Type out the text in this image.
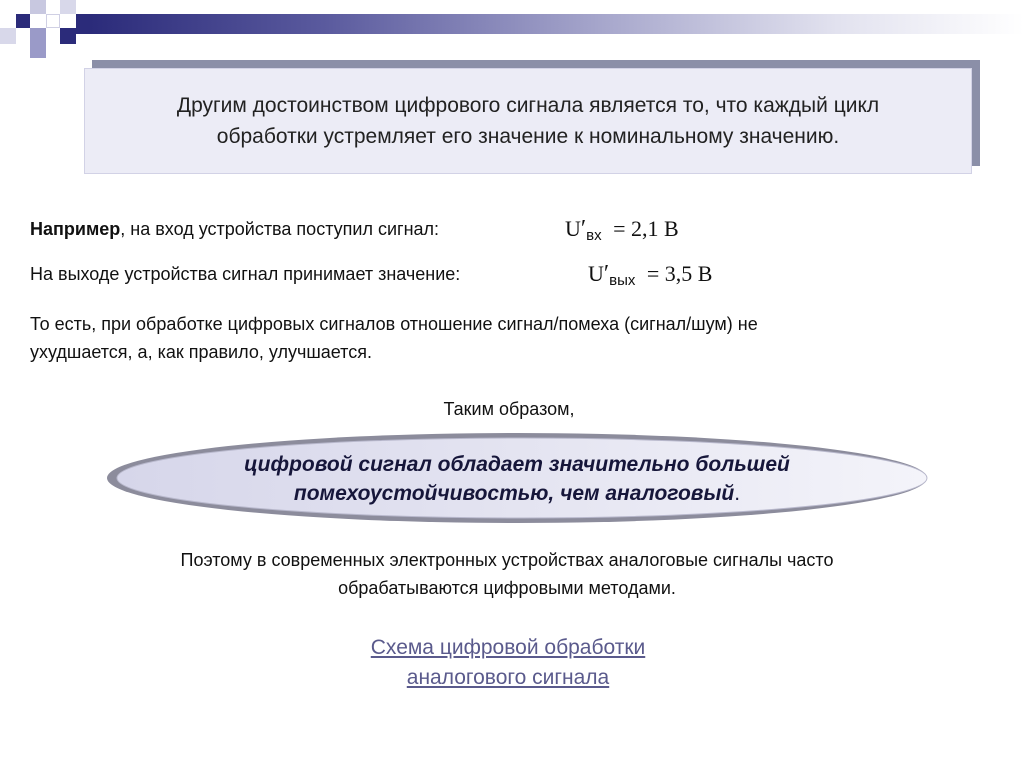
Другим достоинством цифрового сигнала является то, что каждый цикл
обработки устремляет его значение к номинальному значению.
Например, на вход устройства поступил сигнал:	U′вх = 2,1 В
На выходе устройства сигнал принимает значение:	U′вых = 3,5 В
То есть, при обработке цифровых сигналов отношение сигнал/помеха (сигнал/шум) не
ухудшается, а, как правило, улучшается.
Таким образом,
цифровой сигнал обладает значительно большей
помехоустойчивостью, чем аналоговый.
Поэтому в современных электронных устройствах аналоговые сигналы часто
обрабатываются цифровыми методами.
Схема цифровой обработки
аналогового сигнала
